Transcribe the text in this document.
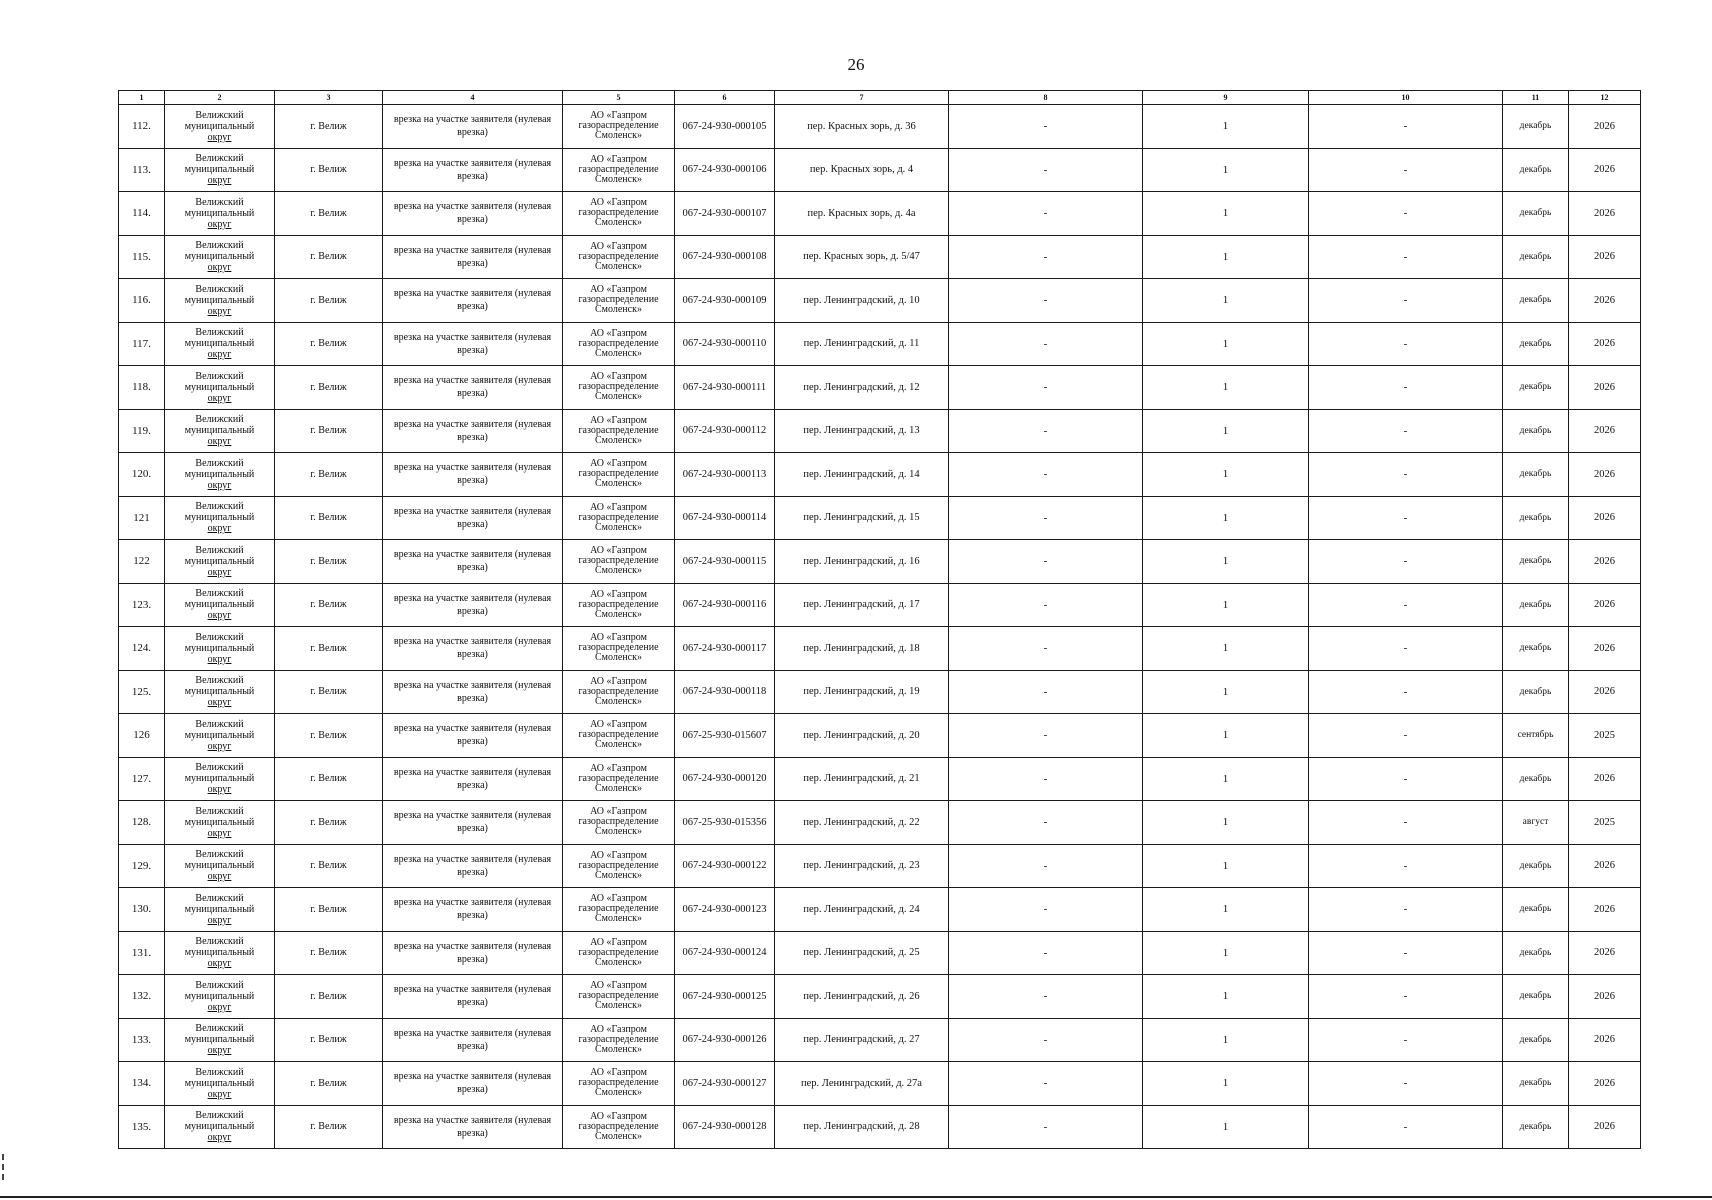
26
1	2	3	4	5	6	7	8	9	10	11	12
112.	Велижский
муниципальный
округ	г. Велиж	врезка на участке заявителя (нулевая врезка)	АО «Газпром
газораспределение
Смоленск»	067-24-930-000105	пер. Красных зорь, д. 36	-	1	-	декабрь	2026
113.	Велижский
муниципальный
округ	г. Велиж	врезка на участке заявителя (нулевая врезка)	АО «Газпром
газораспределение
Смоленск»	067-24-930-000106	пер. Красных зорь, д. 4	-	1	-	декабрь	2026
114.	Велижский
муниципальный
округ	г. Велиж	врезка на участке заявителя (нулевая врезка)	АО «Газпром
газораспределение
Смоленск»	067-24-930-000107	пер. Красных зорь, д. 4а	-	1	-	декабрь	2026
115.	Велижский
муниципальный
округ	г. Велиж	врезка на участке заявителя (нулевая врезка)	АО «Газпром
газораспределение
Смоленск»	067-24-930-000108	пер. Красных зорь, д. 5/47	-	1	-	декабрь	2026
116.	Велижский
муниципальный
округ	г. Велиж	врезка на участке заявителя (нулевая врезка)	АО «Газпром
газораспределение
Смоленск»	067-24-930-000109	пер. Ленинградский, д. 10	-	1	-	декабрь	2026
117.	Велижский
муниципальный
округ	г. Велиж	врезка на участке заявителя (нулевая врезка)	АО «Газпром
газораспределение
Смоленск»	067-24-930-000110	пер. Ленинградский, д. 11	-	1	-	декабрь	2026
118.	Велижский
муниципальный
округ	г. Велиж	врезка на участке заявителя (нулевая врезка)	АО «Газпром
газораспределение
Смоленск»	067-24-930-000111	пер. Ленинградский, д. 12	-	1	-	декабрь	2026
119.	Велижский
муниципальный
округ	г. Велиж	врезка на участке заявителя (нулевая врезка)	АО «Газпром
газораспределение
Смоленск»	067-24-930-000112	пер. Ленинградский, д. 13	-	1	-	декабрь	2026
120.	Велижский
муниципальный
округ	г. Велиж	врезка на участке заявителя (нулевая врезка)	АО «Газпром
газораспределение
Смоленск»	067-24-930-000113	пер. Ленинградский, д. 14	-	1	-	декабрь	2026
121	Велижский
муниципальный
округ	г. Велиж	врезка на участке заявителя (нулевая врезка)	АО «Газпром
газораспределение
Смоленск»	067-24-930-000114	пер. Ленинградский, д. 15	-	1	-	декабрь	2026
122	Велижский
муниципальный
округ	г. Велиж	врезка на участке заявителя (нулевая врезка)	АО «Газпром
газораспределение
Смоленск»	067-24-930-000115	пер. Ленинградский, д. 16	-	1	-	декабрь	2026
123.	Велижский
муниципальный
округ	г. Велиж	врезка на участке заявителя (нулевая врезка)	АО «Газпром
газораспределение
Смоленск»	067-24-930-000116	пер. Ленинградский, д. 17	-	1	-	декабрь	2026
124.	Велижский
муниципальный
округ	г. Велиж	врезка на участке заявителя (нулевая врезка)	АО «Газпром
газораспределение
Смоленск»	067-24-930-000117	пер. Ленинградский, д. 18	-	1	-	декабрь	2026
125.	Велижский
муниципальный
округ	г. Велиж	врезка на участке заявителя (нулевая врезка)	АО «Газпром
газораспределение
Смоленск»	067-24-930-000118	пер. Ленинградский, д. 19	-	1	-	декабрь	2026
126	Велижский
муниципальный
округ	г. Велиж	врезка на участке заявителя (нулевая врезка)	АО «Газпром
газораспределение
Смоленск»	067-25-930-015607	пер. Ленинградский, д. 20	-	1	-	сентябрь	2025
127.	Велижский
муниципальный
округ	г. Велиж	врезка на участке заявителя (нулевая врезка)	АО «Газпром
газораспределение
Смоленск»	067-24-930-000120	пер. Ленинградский, д. 21	-	1	-	декабрь	2026
128.	Велижский
муниципальный
округ	г. Велиж	врезка на участке заявителя (нулевая врезка)	АО «Газпром
газораспределение
Смоленск»	067-25-930-015356	пер. Ленинградский, д. 22	-	1	-	август	2025
129.	Велижский
муниципальный
округ	г. Велиж	врезка на участке заявителя (нулевая врезка)	АО «Газпром
газораспределение
Смоленск»	067-24-930-000122	пер. Ленинградский, д. 23	-	1	-	декабрь	2026
130.	Велижский
муниципальный
округ	г. Велиж	врезка на участке заявителя (нулевая врезка)	АО «Газпром
газораспределение
Смоленск»	067-24-930-000123	пер. Ленинградский, д. 24	-	1	-	декабрь	2026
131.	Велижский
муниципальный
округ	г. Велиж	врезка на участке заявителя (нулевая врезка)	АО «Газпром
газораспределение
Смоленск»	067-24-930-000124	пер. Ленинградский, д. 25	-	1	-	декабрь	2026
132.	Велижский
муниципальный
округ	г. Велиж	врезка на участке заявителя (нулевая врезка)	АО «Газпром
газораспределение
Смоленск»	067-24-930-000125	пер. Ленинградский, д. 26	-	1	-	декабрь	2026
133.	Велижский
муниципальный
округ	г. Велиж	врезка на участке заявителя (нулевая врезка)	АО «Газпром
газораспределение
Смоленск»	067-24-930-000126	пер. Ленинградский, д. 27	-	1	-	декабрь	2026
134.	Велижский
муниципальный
округ	г. Велиж	врезка на участке заявителя (нулевая врезка)	АО «Газпром
газораспределение
Смоленск»	067-24-930-000127	пер. Ленинградский, д. 27а	-	1	-	декабрь	2026
135.	Велижский
муниципальный
округ	г. Велиж	врезка на участке заявителя (нулевая врезка)	АО «Газпром
газораспределение
Смоленск»	067-24-930-000128	пер. Ленинградский, д. 28	-	1	-	декабрь	2026
